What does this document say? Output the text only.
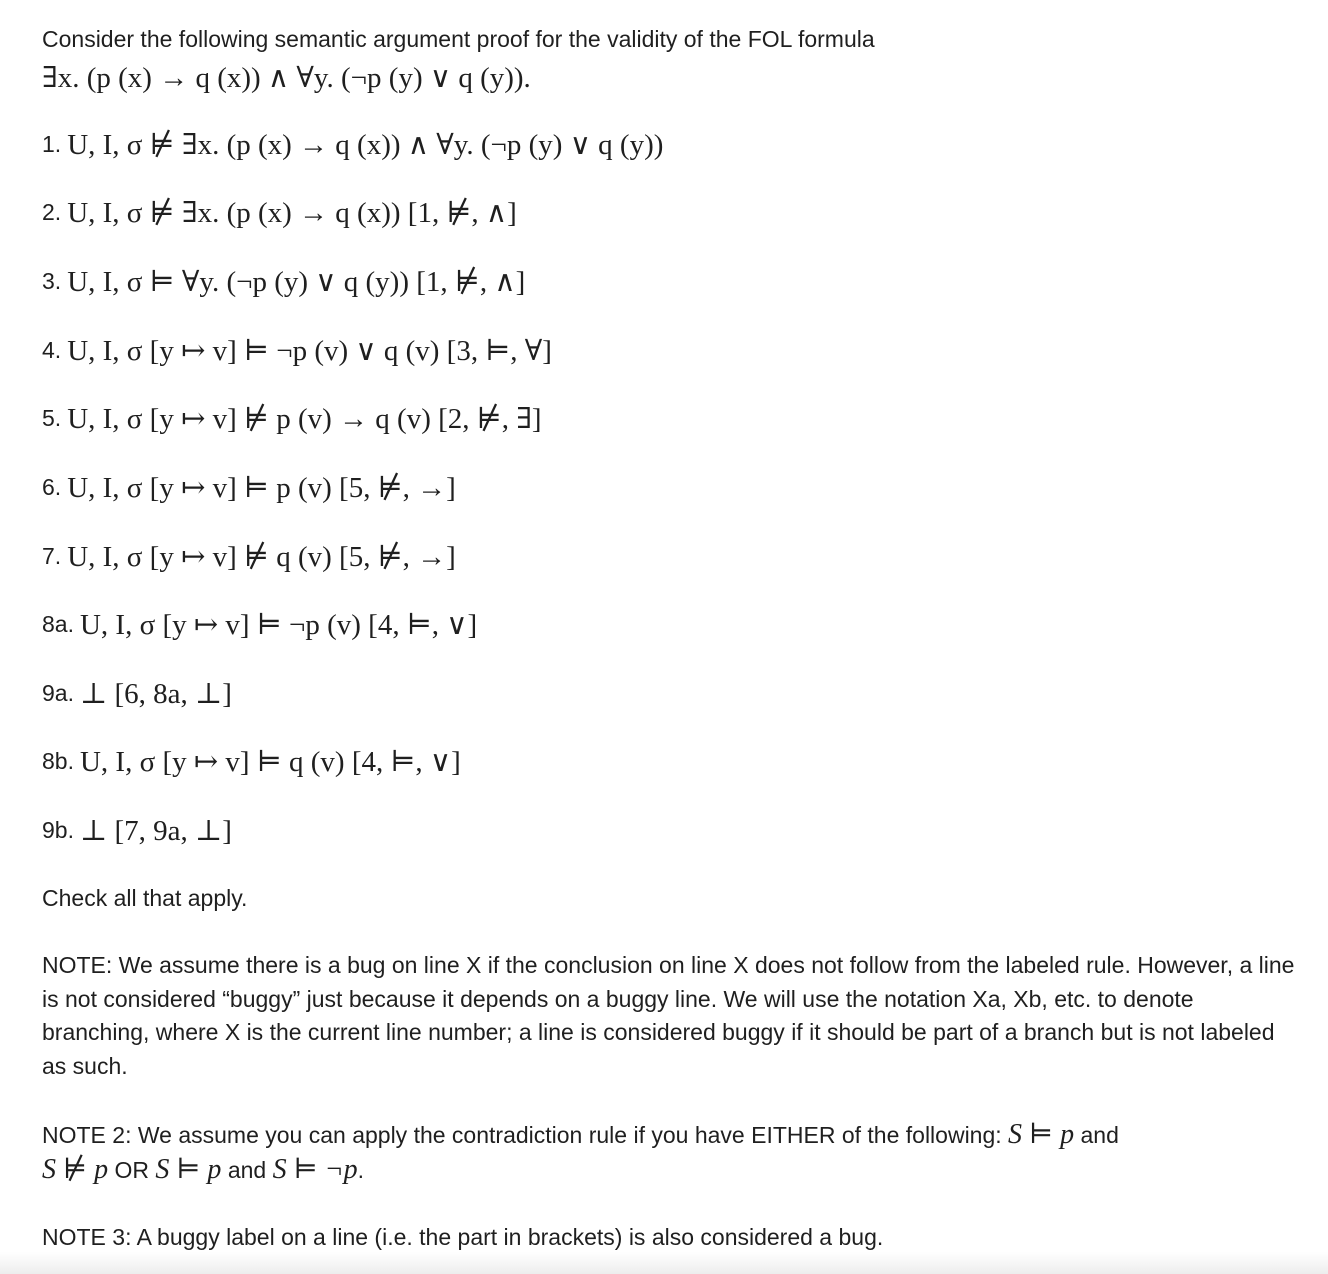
Consider the following semantic argument proof for the validity of the FOL formula
∃x. (p (x) → q (x)) ∧ ∀y. (¬p (y) ∨ q (y)).
1. U, I, σ ⊭ ∃x. (p (x) → q (x)) ∧ ∀y. (¬p (y) ∨ q (y))
2. U, I, σ ⊭ ∃x. (p (x) → q (x)) [1, ⊭, ∧]
3. U, I, σ ⊨ ∀y. (¬p (y) ∨ q (y)) [1, ⊭, ∧]
4. U, I, σ [y ↦ v] ⊨ ¬p (v) ∨ q (v) [3, ⊨, ∀]
5. U, I, σ [y ↦ v] ⊭ p (v) → q (v) [2, ⊭, ∃]
6. U, I, σ [y ↦ v] ⊨ p (v) [5, ⊭, →]
7. U, I, σ [y ↦ v] ⊭ q (v) [5, ⊭, →]
8a. U, I, σ [y ↦ v] ⊨ ¬p (v) [4, ⊨, ∨]
9a. ⊥ [6, 8a, ⊥]
8b. U, I, σ [y ↦ v] ⊨ q (v) [4, ⊨, ∨]
9b. ⊥ [7, 9a, ⊥]
Check all that apply.
NOTE: We assume there is a bug on line X if the conclusion on line X does not follow from the labeled rule. However, a line is not considered “buggy” just because it depends on a buggy line. We will use the notation Xa, Xb, etc. to denote branching, where X is the current line number; a line is considered buggy if it should be part of a branch but is not labeled as such.
NOTE 2: We assume you can apply the contradiction rule if you have EITHER of the following: S ⊨ p and
S ⊭ p OR S ⊨ p and S ⊨ ¬p.
NOTE 3: A buggy label on a line (i.e. the part in brackets) is also considered a bug.
